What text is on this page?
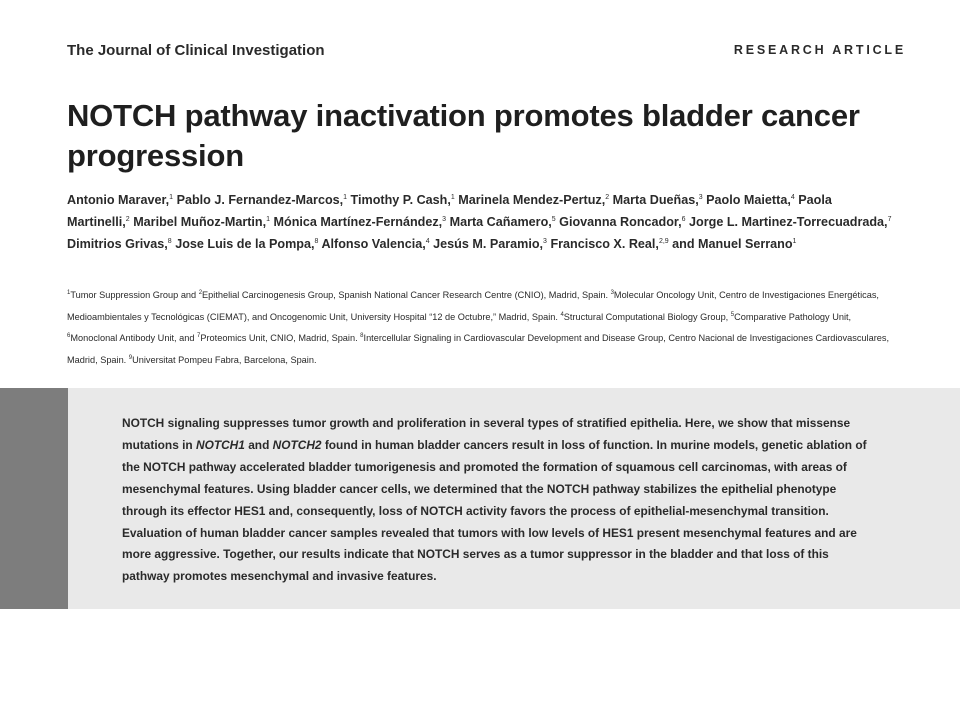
The Journal of Clinical Investigation	RESEARCH ARTICLE
NOTCH pathway inactivation promotes bladder cancer progression

Antonio Maraver,$^1$ Pablo J. Fernandez-Marcos,$^1$ Timothy P. Cash,$^1$ Marinela Mendez-Pertuz,$^2$ Marta Dueñas,$^3$ Paolo Maietta,$^4$ Paola Martinelli,$^2$ Maribel Muñoz-Martin,$^1$ Mónica Martínez-Fernández,$^3$ Marta Cañamero,$^5$ Giovanna Roncador,$^6$ Jorge L. Martinez-Torrecuadrada,$^7$ Dimitrios Grivas,$^8$ Jose Luis de la Pompa,$^8$ Alfonso Valencia,$^4$ Jesús M. Paramio,$^3$ Francisco X. Real,$^{2,9}$ and Manuel Serrano$^1$

$^1$Tumor Suppression Group and $^2$Epithelial Carcinogenesis Group, Spanish National Cancer Research Centre (CNIO), Madrid, Spain. $^3$Molecular Oncology Unit, Centro de Investigaciones Energéticas, Medioambientales y Tecnológicas (CIEMAT), and Oncogenomic Unit, University Hospital “12 de Octubre,” Madrid, Spain. $^4$Structural Computational Biology Group, $^5$Comparative Pathology Unit, $^6$Monoclonal Antibody Unit, and $^7$Proteomics Unit, CNIO, Madrid, Spain. $^8$Intercellular Signaling in Cardiovascular Development and Disease Group, Centro Nacional de Investigaciones Cardiovasculares, Madrid, Spain. $^9$Universitat Pompeu Fabra, Barcelona, Spain.

NOTCH signaling suppresses tumor growth and proliferation in several types of stratified epithelia. Here, we show that missense mutations in NOTCH1 and NOTCH2 found in human bladder cancers result in loss of function. In murine models, genetic ablation of the NOTCH pathway accelerated bladder tumorigenesis and promoted the formation of squamous cell carcinomas, with areas of mesenchymal features. Using bladder cancer cells, we determined that the NOTCH pathway stabilizes the epithelial phenotype through its effector HES1 and, consequently, loss of NOTCH activity favors the process of epithelial-mesenchymal transition. Evaluation of human bladder cancer samples revealed that tumors with low levels of HES1 present mesenchymal features and are more aggressive. Together, our results indicate that NOTCH serves as a tumor suppressor in the bladder and that loss of this pathway promotes mesenchymal and invasive features.
